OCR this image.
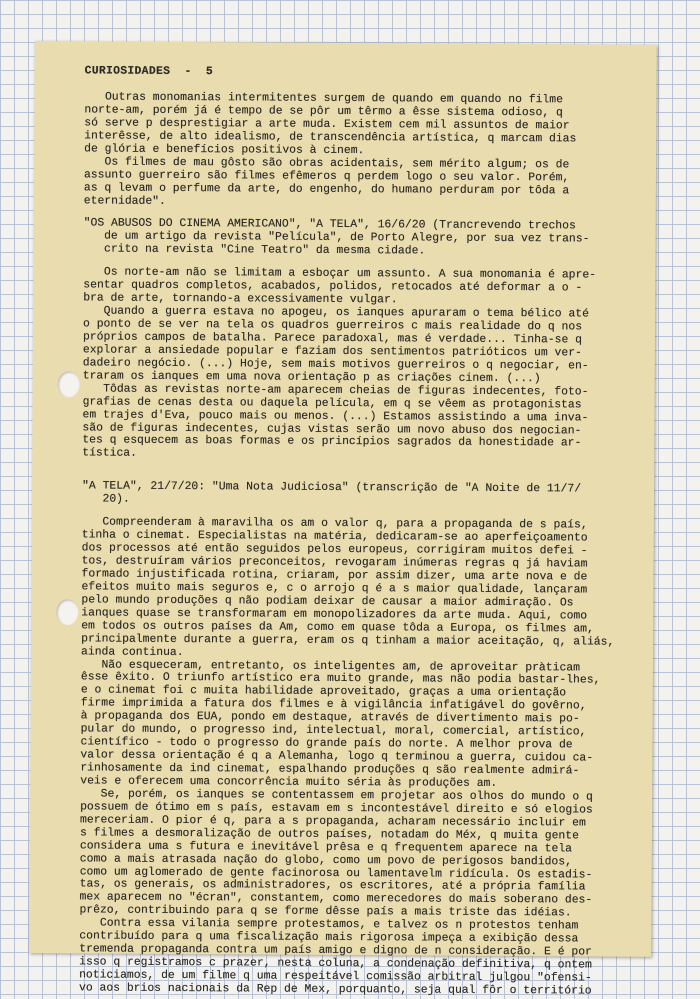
CURIOSIDADES  -  5
Outras monomanias intermitentes surgem de quando em quando no filme
norte-am, porém já é tempo de se pôr um têrmo a êsse sistema odioso, q
só serve p desprestigiar a arte muda. Existem cem mil assuntos de maior
interêsse, de alto idealismo, de transcendência artística, q marcam dias
de glória e benefícios positivos à cinem.
Os filmes de mau gôsto são obras acidentais, sem mérito algum; os de
assunto guerreiro são filmes efêmeros q perdem logo o seu valor. Porém,
as q levam o perfume da arte, do engenho, do humano perduram por tôda a
eternidade".
"OS ABUSOS DO CINEMA AMERICANO", "A TELA", 16/6/20 (Trancrevendo trechos
de um artigo da revista "Película", de Porto Alegre, por sua vez trans-
crito na revista "Cine Teatro" da mesma cidade.
Os norte-am não se limitam a esboçar um assunto. A sua monomania é apre-
sentar quadros completos, acabados, polidos, retocados até deformar a o -
bra de arte, tornando-a excessivamente vulgar.
Quando a guerra estava no apogeu, os ianques apuraram o tema bélico até
o ponto de se ver na tela os quadros guerreiros c mais realidade do q nos
próprios campos de batalha. Parece paradoxal, mas é verdade... Tinha-se q
explorar a ansiedade popular e faziam dos sentimentos patrióticos um ver-
dadeiro negócio. (...) Hoje, sem mais motivos guerreiros o q negociar, en-
traram os ianques em uma nova orientação p as criações cinem. (...)
Tôdas as revistas norte-am aparecem cheias de figuras indecentes, foto-
grafias de cenas desta ou daquela película, em q se vêem as protagonistas
em trajes d'Eva, pouco mais ou menos. (...) Estamos assistindo a uma inva-
são de figuras indecentes, cujas vistas serão um novo abuso dos negocian-
tes q esquecem as boas formas e os princípios sagrados da honestidade ar-
tística.
"A TELA", 21/7/20: "Uma Nota Judiciosa" (transcrição de "A Noite de 11/7/
20).
Compreenderam à maravilha os am o valor q, para a propaganda de s país,
tinha o cinemat. Especialistas na matéria, dedicaram-se ao aperfeiçoamento
dos processos até então seguidos pelos europeus, corrigiram muitos defei -
tos, destruíram vários preconceitos, revogaram inúmeras regras q já haviam
formado injustificada rotina, criaram, por assim dizer, uma arte nova e de
efeitos muito mais seguros e, c o arrojo q é a s maior qualidade, lançaram
pelo mundo produções q não podiam deixar de causar a maior admiração. Os
ianques quase se transformaram em monopolizadores da arte muda. Aqui, como
em todos os outros países da Am, como em quase tôda a Europa, os filmes am,
principalmente durante a guerra, eram os q tinham a maior aceitação, q, aliás,
ainda continua.
Não esqueceram, entretanto, os inteligentes am, de aproveitar pràticam
êsse êxito. O triunfo artístico era muito grande, mas não podia bastar-lhes,
e o cinemat foi c muita habilidade aproveitado, graças a uma orientação
firme imprimida a fatura dos filmes e à vigilância infatigável do govêrno,
à propaganda dos EUA, pondo em destaque, através de divertimento mais po-
pular do mundo, o progresso ind, intelectual, moral, comercial, artístico,
científico - todo o progresso do grande país do norte. A melhor prova de
valor dessa orientação é q a Alemanha, logo q terminou a guerra, cuidou ca-
rinhosamente da ind cinemat, espalhando produções q são realmente admirá-
veis e oferecem uma concorrência muito séria às produções am.
Se, porém, os ianques se contentassem em projetar aos olhos do mundo o q
possuem de ótimo em s país, estavam em s incontestável direito e só elogios
mereceriam. O pior é q, para a s propaganda, acharam necessário incluir em
s filmes a desmoralização de outros países, notadam do Méx, q muita gente
considera uma s futura e inevitável prêsa e q frequentem aparece na tela
como a mais atrasada nação do globo, como um povo de perigosos bandidos,
como um aglomerado de gente facinorosa ou lamentavelm ridícula. Os estadis-
tas, os generais, os administradores, os escritores, até a própria família
mex aparecem no "écran", constantem, como merecedores do mais soberano des-
prêzo, contribuindo para q se forme dêsse país a mais triste das idéias.
Contra essa vilania sempre protestamos, e talvez os n protestos tenham
contribuído para q uma fiscalização mais rigorosa impeça a exibição dessa
tremenda propaganda contra um país amigo e digno de n consideração. E é por
isso q registramos c prazer, nesta coluna, a condenação definitiva, q ontem
noticiamos, de um filme q uma respeitável comissão arbitral julgou "ofensi-
vo aos brios nacionais da Rep de Mex, porquanto, seja qual fôr o território
